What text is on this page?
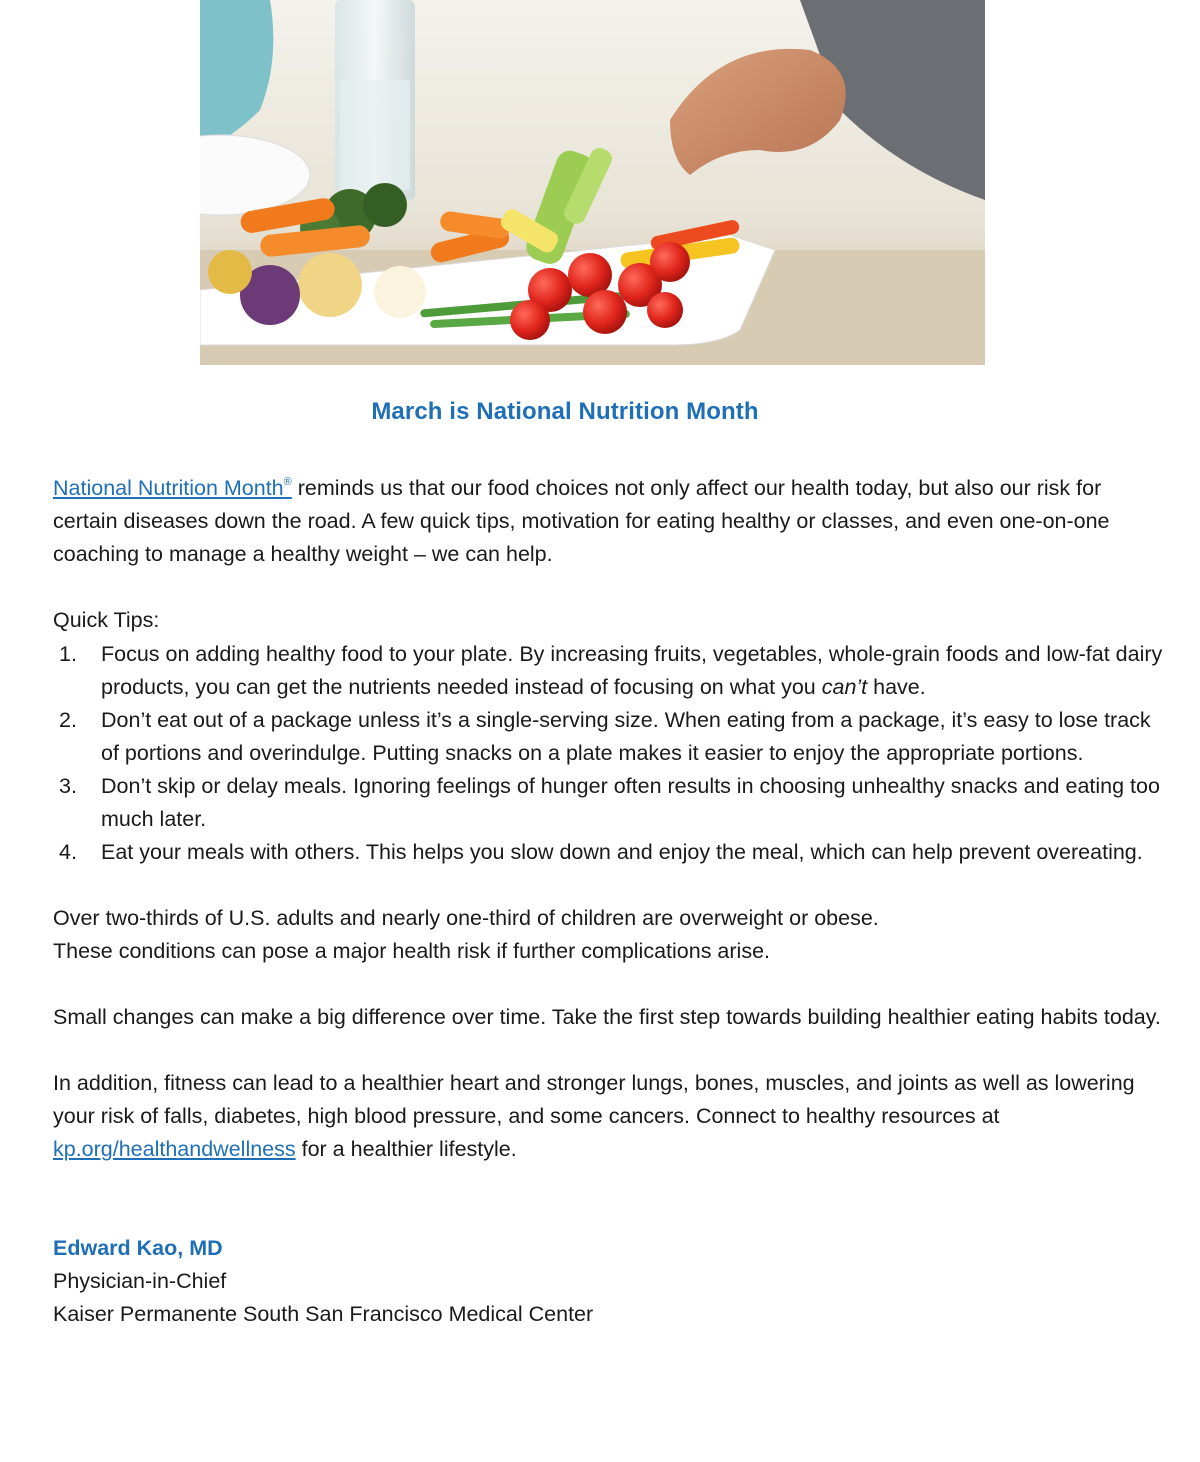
March is National Nutrition Month

National Nutrition Month® reminds us that our food choices not only affect our health today, but also our risk for certain diseases down the road. A few quick tips, motivation for eating healthy or classes, and even one-on-one coaching to manage a healthy weight – we can help.

Quick Tips:

1. Focus on adding healthy food to your plate. By increasing fruits, vegetables, whole-grain foods and low-fat dairy products, you can get the nutrients needed instead of focusing on what you can’t have.
2. Don’t eat out of a package unless it’s a single-serving size. When eating from a package, it’s easy to lose track of portions and overindulge. Putting snacks on a plate makes it easier to enjoy the appropriate portions.
3. Don’t skip or delay meals. Ignoring feelings of hunger often results in choosing unhealthy snacks and eating too much later.
4. Eat your meals with others. This helps you slow down and enjoy the meal, which can help prevent overeating.

Over two-thirds of U.S. adults and nearly one-third of children are overweight or obese.

These conditions can pose a major health risk if further complications arise.

Small changes can make a big difference over time. Take the first step towards building healthier eating habits today.

In addition, fitness can lead to a healthier heart and stronger lungs, bones, muscles, and joints as well as lowering your risk of falls, diabetes, high blood pressure, and some cancers. Connect to healthy resources at kp.org/healthandwellness for a healthier lifestyle.

Edward Kao, MD

Physician-in-Chief

Kaiser Permanente South San Francisco Medical Center
